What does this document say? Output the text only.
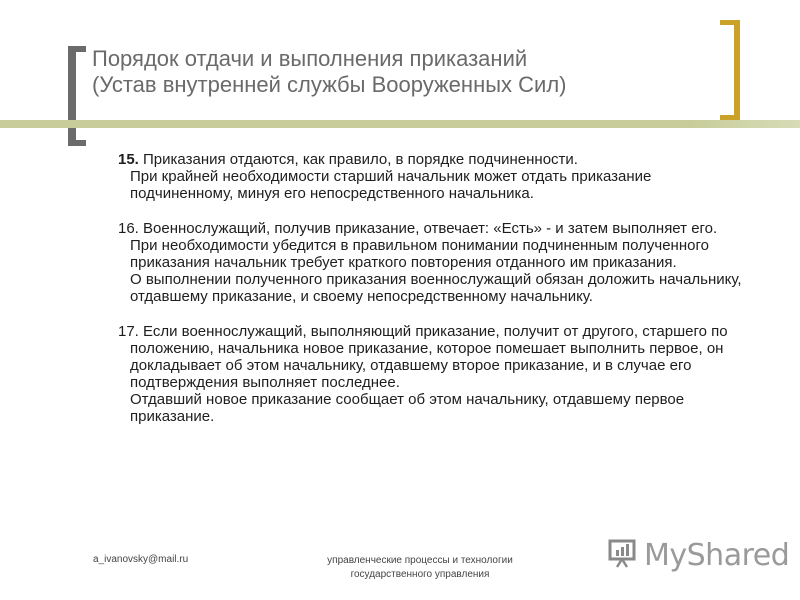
Порядок отдачи и выполнения приказаний
(Устав внутренней службы Вооруженных Сил)

15. Приказания отдаются, как правило, в порядке подчиненности.

При крайней необходимости старший начальник может отдать приказание подчиненному, минуя его непосредственного начальника.

16. Военнослужащий, получив приказание, отвечает: «Есть» - и затем выполняет его.

При необходимости убедится в правильном понимании подчиненным полученного приказания начальник требует краткого повторения отданного им приказания.

О выполнении полученного приказания военнослужащий обязан доложить начальнику, отдавшему приказание, и своему непосредственному начальнику.

17. Если военнослужащий, выполняющий приказание, получит от другого, старшего по положению, начальника новое приказание, которое помешает выполнить первое, он докладывает об этом начальнику, отдавшему второе приказание, и в случае его подтверждения выполняет последнее.

Отдавший новое приказание сообщает об этом начальнику, отдавшему первое приказание.

a_ivanovsky@mail.ru	управленческие процессы и технологии
государственного управления
MyShared
